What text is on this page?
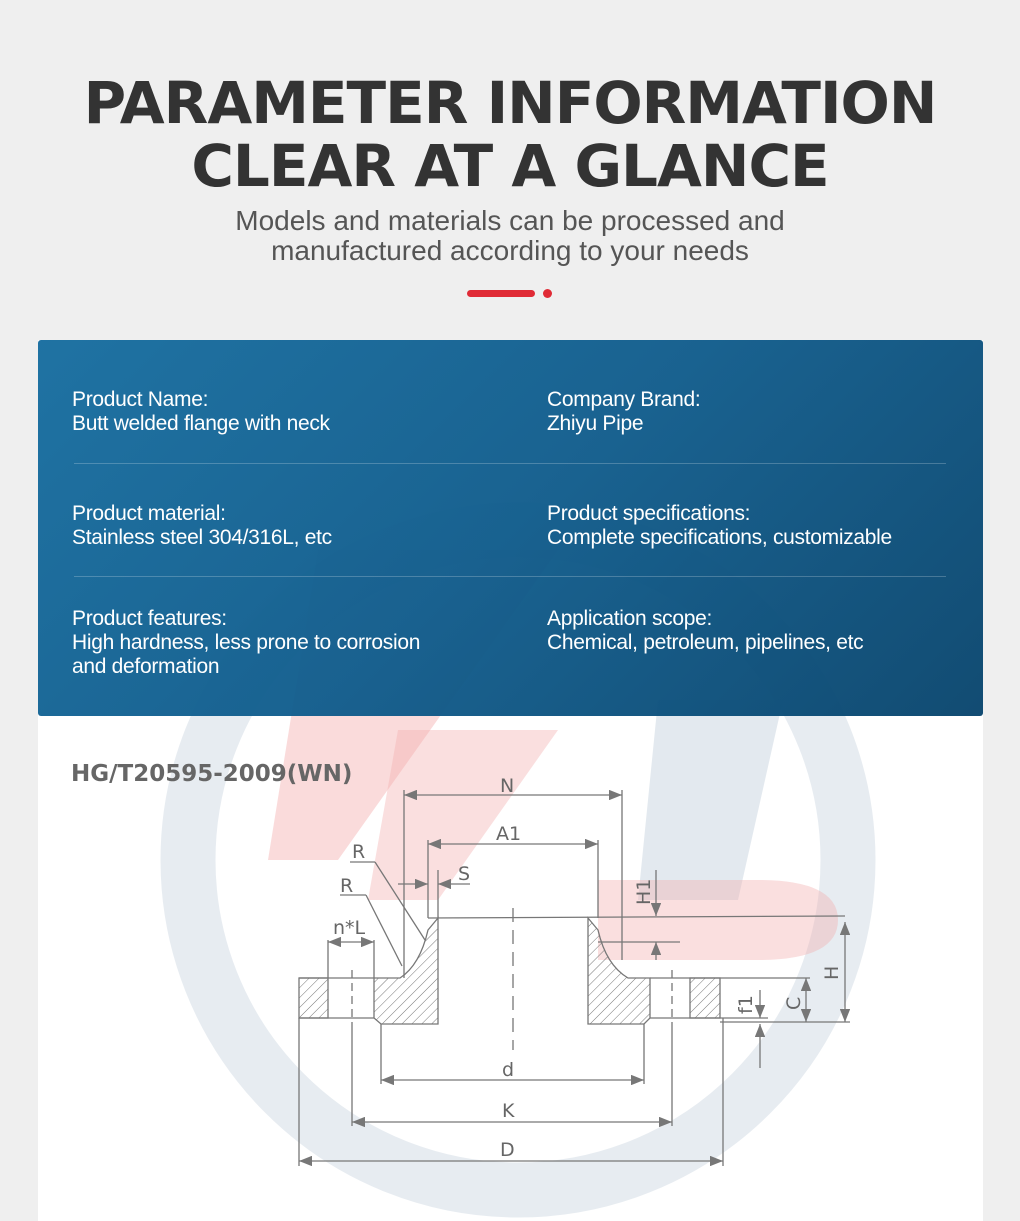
PARAMETER INFORMATION
CLEAR AT A GLANCE
Models and materials can be processed and
manufactured according to your needs
Product Name:
Butt welded flange with neck
Company Brand:
Zhiyu Pipe
Product material:
Stainless steel 304/316L, etc
Product specifications:
Complete specifications, customizable
Product features:
High hardness, less prone to corrosion and deformation
Application scope:
Chemical, petroleum, pipelines, etc
HG/T20595-2009(WN)	N
A1
R
R
S
n*L
H1
H
C
f1
d
K
D
